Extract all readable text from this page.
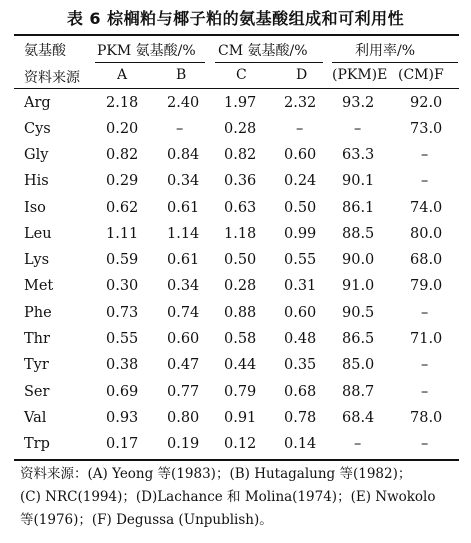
表 6 棕榈粕与椰子粕的氨基酸组成和可利用性
氨基酸 PKM 氨基酸/% CM 氨基酸/%	利用率/%
资料来源	A	B	C	D (PKM)E (CM)F
Arg	2.18 2.40 1.97 2.32 93.2 92.0
Cys	0.20	–	0.28	–	–	73.0
Gly	0.82 0.84 0.82 0.60 63.3	–
His	0.29 0.34 0.36 0.24 90.1	–
Iso	0.62 0.61 0.63 0.50 86.1 74.0
Leu	1.11 1.14 1.18 0.99 88.5 80.0
Lys	0.59 0.61 0.50 0.55 90.0 68.0
Met	0.30 0.34 0.28 0.31 91.0 79.0
Phe	0.73 0.74 0.88 0.60 90.5	–
Thr	0.55 0.60 0.58 0.48 86.5 71.0
Tyr	0.38 0.47 0.44 0.35 85.0	–
Ser	0.69 0.77 0.79 0.68 88.7	–
Val	0.93 0.80 0.91 0.78 68.4 78.0
Trp	0.17 0.19 0.12 0.14	–	–
资料来源：(A) Yeong 等(1983)；(B) Hutagalung 等(1982)；
(C) NRC(1994)；(D)Lachance 和 Molina(1974)；(E) Nwokolo
等(1976)；(F) Degussa (Unpublish)。
